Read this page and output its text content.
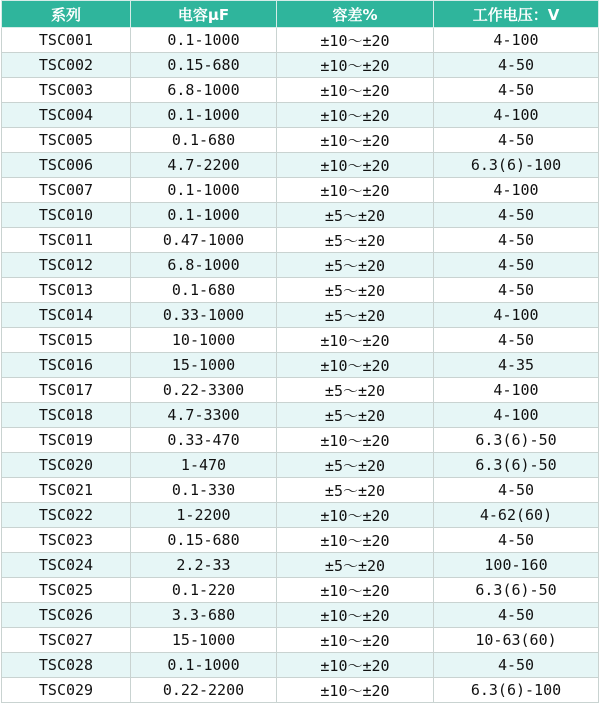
系列	电容μF	容差%	工作电压：V
TSC001	0.1-1000	±10～±20	4-100
TSC002	0.15-680	±10～±20	4-50
TSC003	6.8-1000	±10～±20	4-50
TSC004	0.1-1000	±10～±20	4-100
TSC005	0.1-680	±10～±20	4-50
TSC006	4.7-2200	±10～±20	6.3(6)-100
TSC007	0.1-1000	±10～±20	4-100
TSC010	0.1-1000	±5～±20	4-50
TSC011	0.47-1000	±5～±20	4-50
TSC012	6.8-1000	±5～±20	4-50
TSC013	0.1-680	±5～±20	4-50
TSC014	0.33-1000	±5～±20	4-100
TSC015	10-1000	±10～±20	4-50
TSC016	15-1000	±10～±20	4-35
TSC017	0.22-3300	±5～±20	4-100
TSC018	4.7-3300	±5～±20	4-100
TSC019	0.33-470	±10～±20	6.3(6)-50
TSC020	1-470	±5～±20	6.3(6)-50
TSC021	0.1-330	±5～±20	4-50
TSC022	1-2200	±10～±20	4-62(60)
TSC023	0.15-680	±10～±20	4-50
TSC024	2.2-33	±5～±20	100-160
TSC025	0.1-220	±10～±20	6.3(6)-50
TSC026	3.3-680	±10～±20	4-50
TSC027	15-1000	±10～±20	10-63(60)
TSC028	0.1-1000	±10～±20	4-50
TSC029	0.22-2200	±10～±20	6.3(6)-100
